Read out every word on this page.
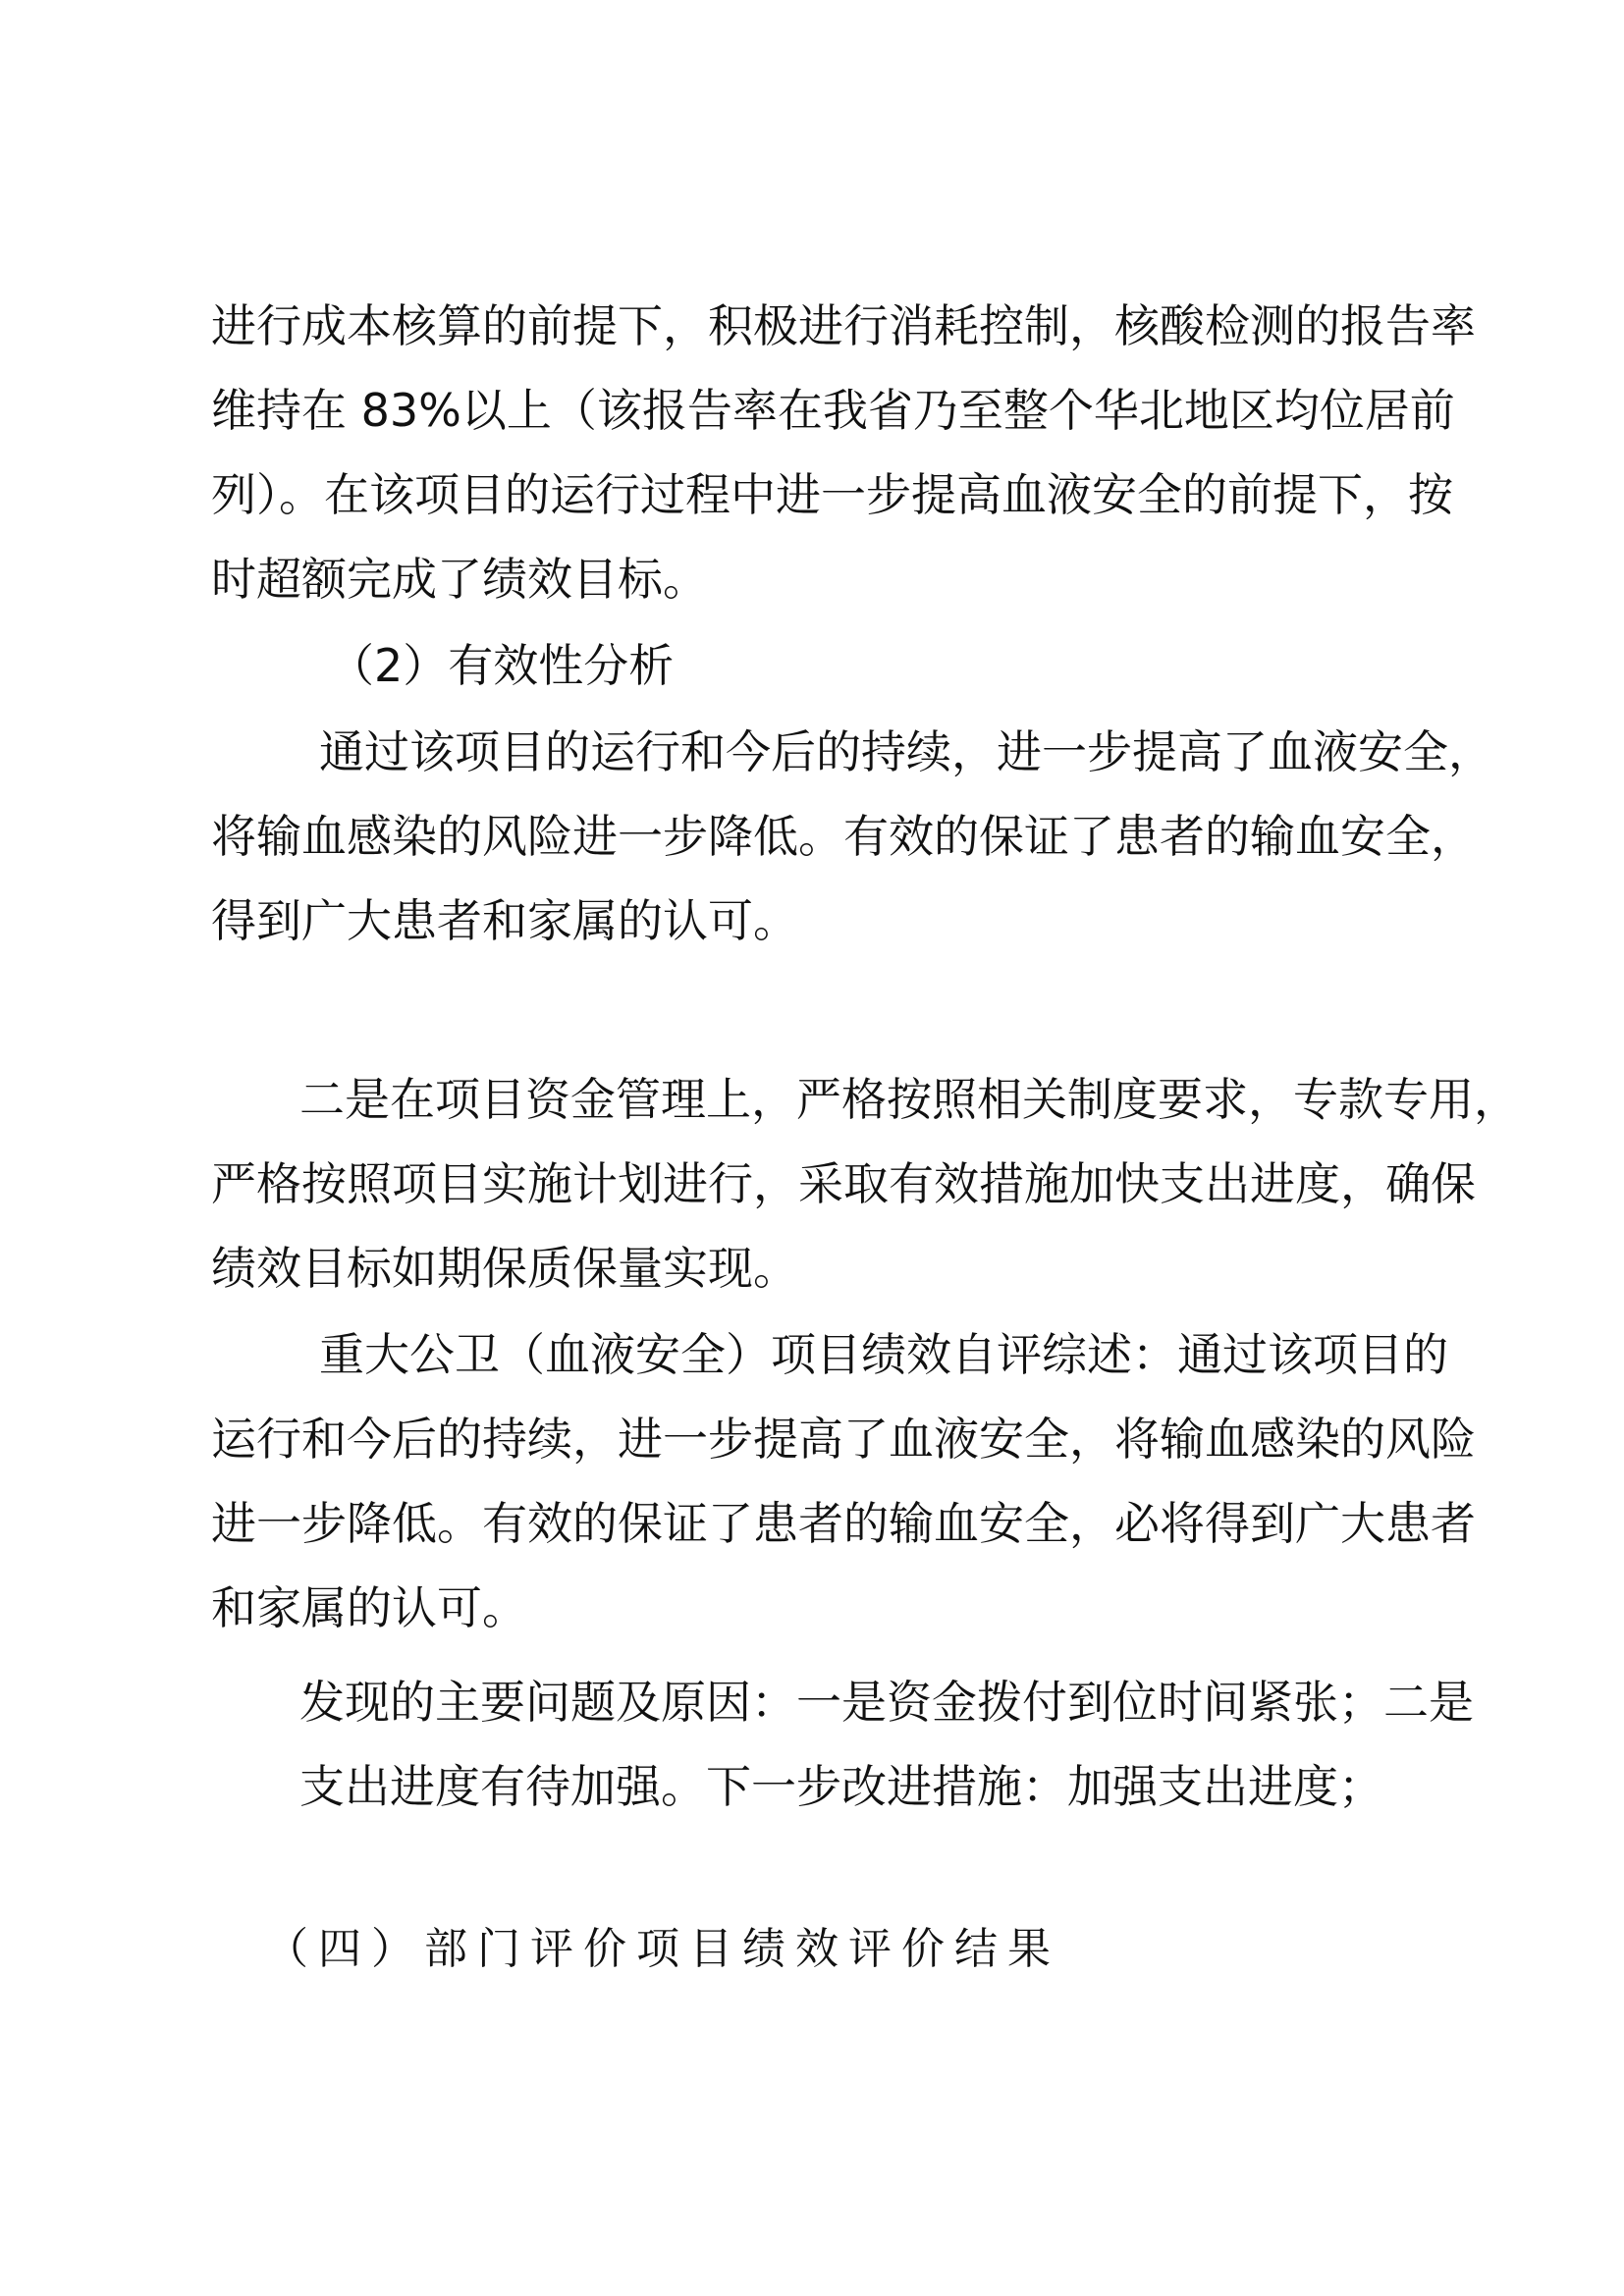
进行成本核算的前提下，积极进行消耗控制，核酸检测的报告率
维持在 83%以上（该报告率在我省乃至整个华北地区均位居前
列）。在该项目的运行过程中进一步提高血液安全的前提下，按
时超额完成了绩效目标。
（2）有效性分析
通过该项目的运行和今后的持续，进一步提高了血液安全，
将输血感染的风险进一步降低。有效的保证了患者的输血安全，
得到广大患者和家属的认可。
二是在项目资金管理上，严格按照相关制度要求，专款专用，
严格按照项目实施计划进行，采取有效措施加快支出进度，确保
绩效目标如期保质保量实现。
重大公卫（血液安全）项目绩效自评综述：通过该项目的
运行和今后的持续，进一步提高了血液安全，将输血感染的风险
进一步降低。有效的保证了患者的输血安全，必将得到广大患者
和家属的认可。
发现的主要问题及原因：一是资金拨付到位时间紧张；二是
支出进度有待加强。下一步改进措施：加强支出进度；
（四）部门评价项目绩效评价结果
